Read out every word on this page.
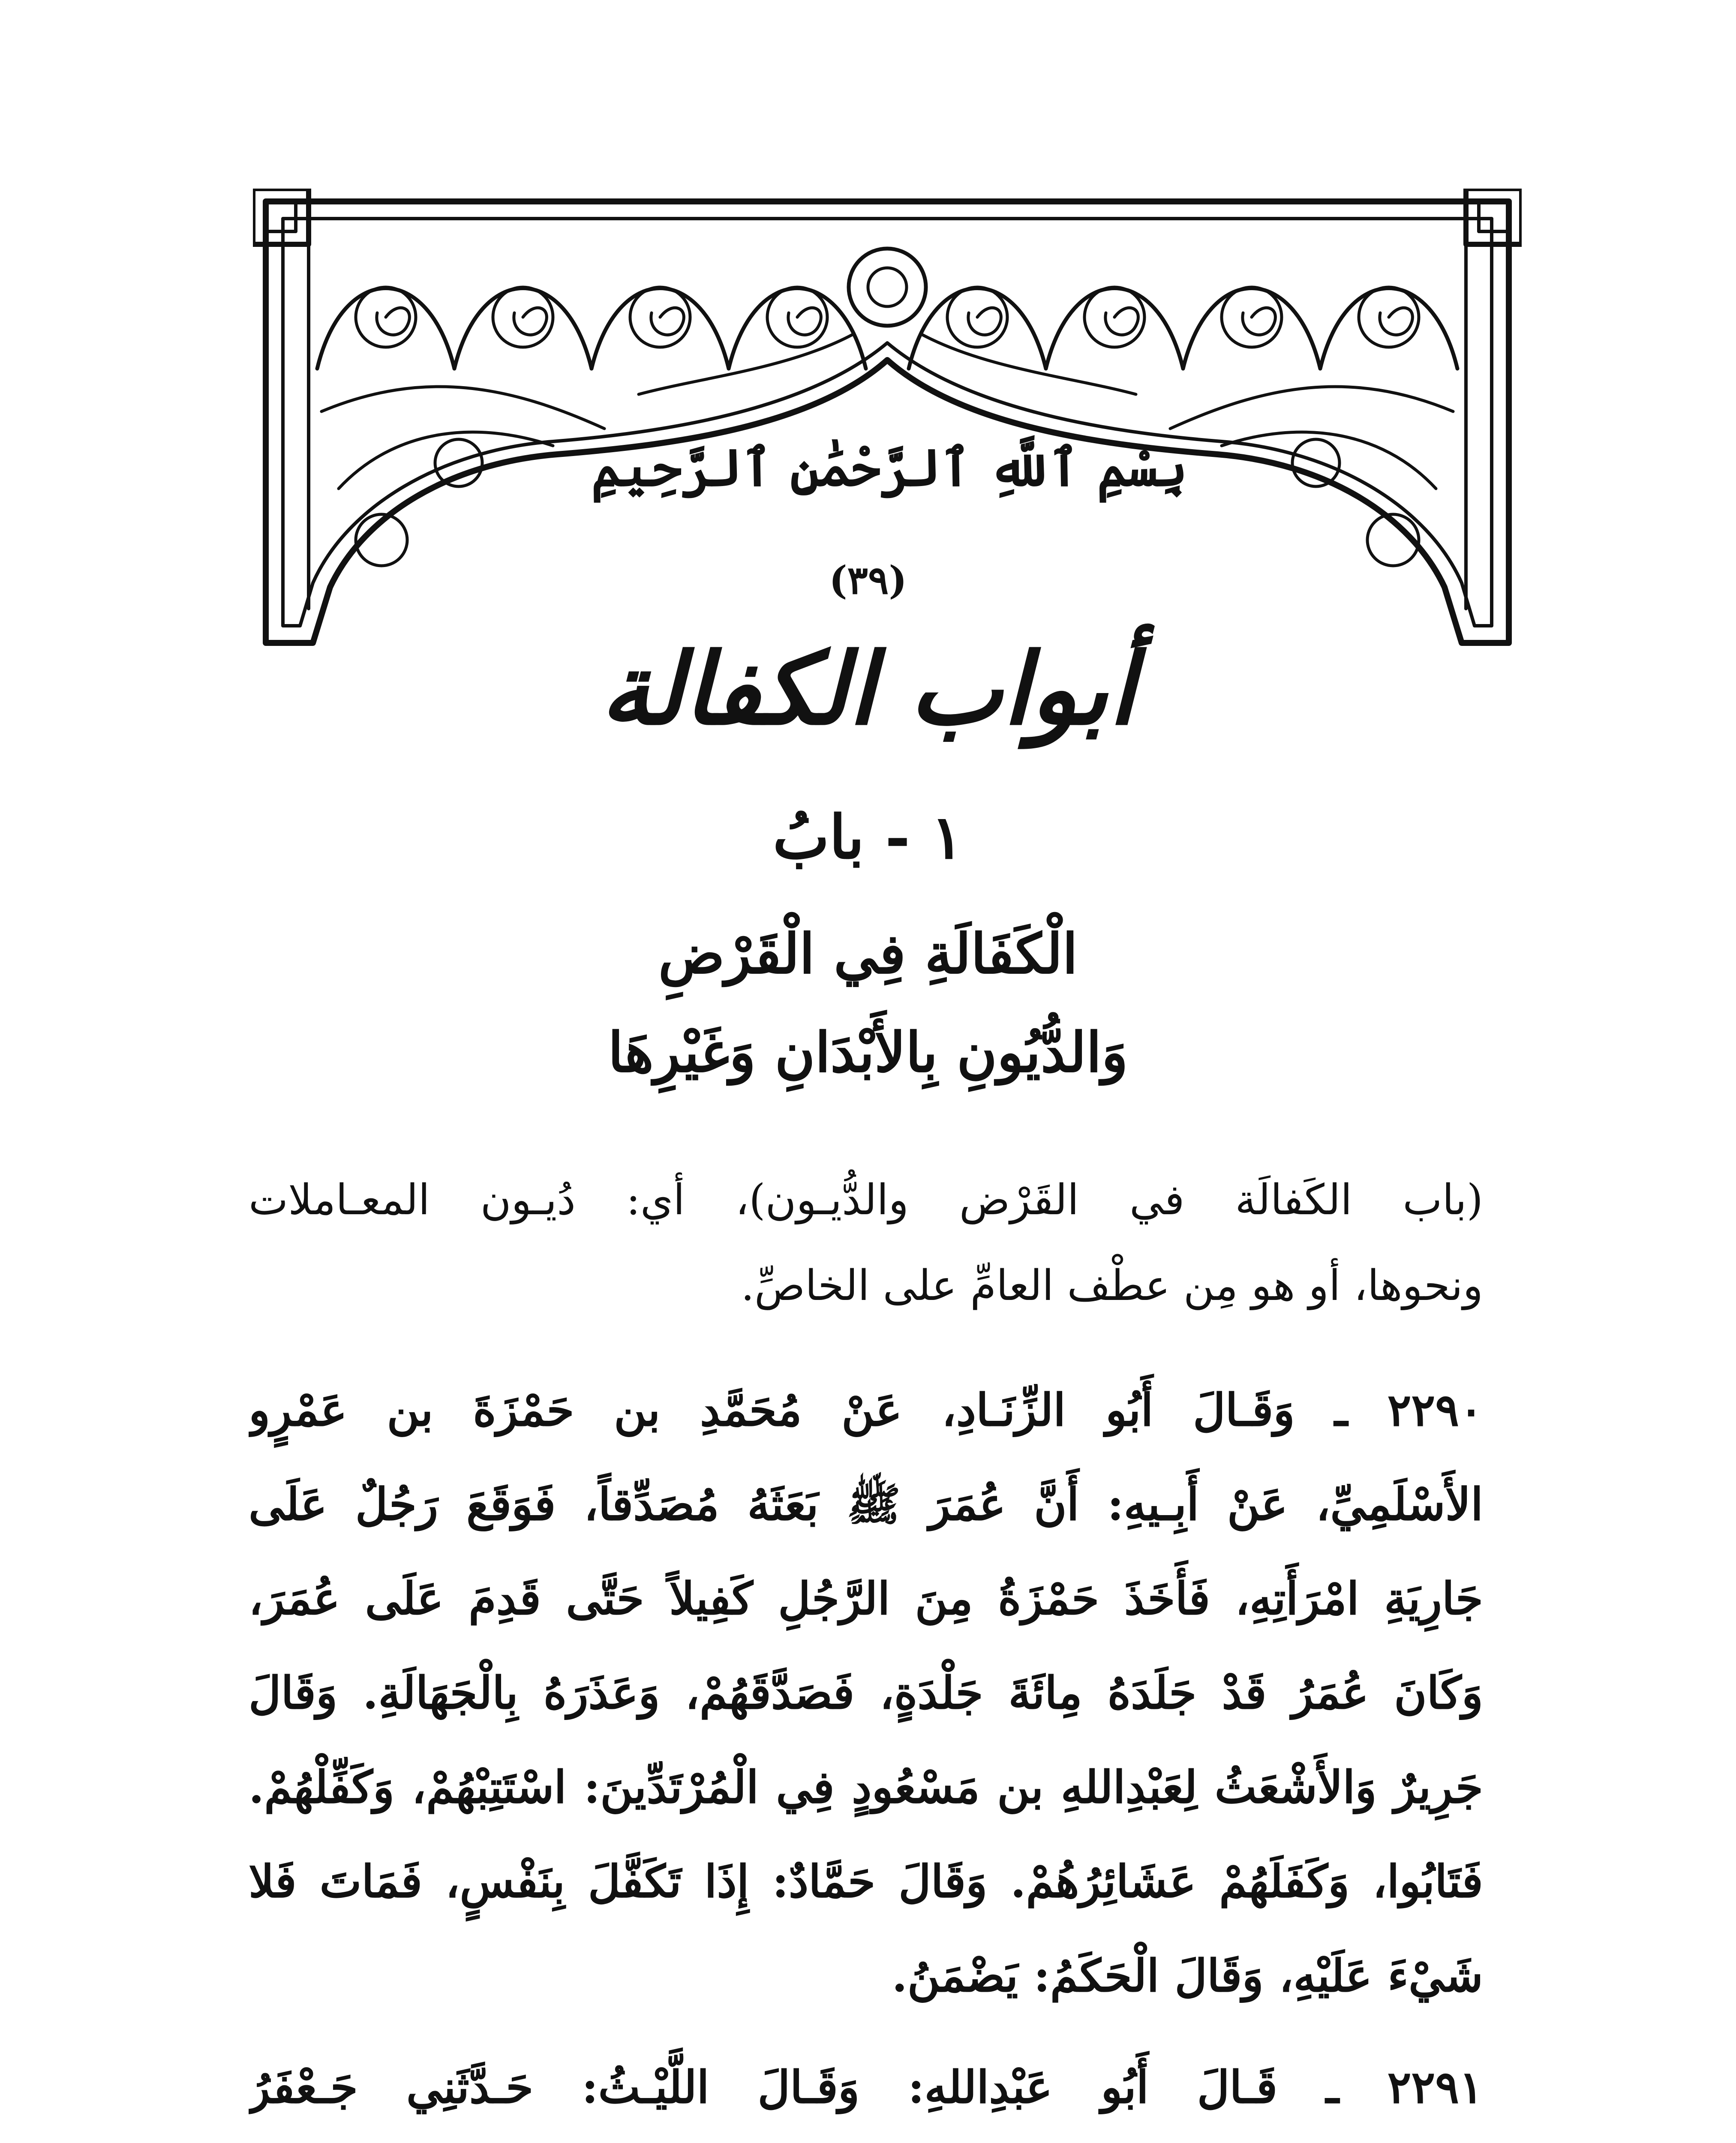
بِسْمِ ٱللَّهِ ٱلرَّحْمَٰنِ ٱلرَّحِيمِ
(٣٩)
أبواب الكفالة
١ - بابُ
الْكَفَالَةِ فِي الْقَرْضِ
وَالدُّيُونِ بِالأَبْدَانِ وَغَيْرِهَا
(باب الكَفالَة في القَرْض والدُّيـون)، أي: دُيـون المعـاملات
ونحوها، أو هو مِن عطْف العامِّ على الخاصِّ.
٢٢٩٠ ـ وَقَـالَ أَبُو الزِّنَـادِ، عَنْ مُحَمَّدِ بن حَمْزَةَ بن عَمْرٍو
الأَسْلَمِيِّ، عَنْ أَبِـيهِ: أَنَّ عُمَرَ ﷺ بَعَثَهُ مُصَدِّقاً، فَوَقَعَ رَجُلٌ عَلَى
جَارِيَةِ امْرَأَتِهِ، فَأَخَذَ حَمْزَةُ مِنَ الرَّجُلِ كَفِيلاً حَتَّى قَدِمَ عَلَى عُمَرَ،
وَكَانَ عُمَرُ قَدْ جَلَدَهُ مِائَةَ جَلْدَةٍ، فَصَدَّقَهُمْ، وَعَذَرَهُ بِالْجَهَالَةِ. وَقَالَ
جَرِيرٌ وَالأَشْعَثُ لِعَبْدِاللهِ بن مَسْعُودٍ فِي الْمُرْتَدِّينَ: اسْتَتِبْهُمْ، وَكَفِّلْهُمْ.
فَتَابُوا، وَكَفَلَهُمْ عَشَائِرُهُمْ. وَقَالَ حَمَّادٌ: إِذَا تَكَفَّلَ بِنَفْسٍ، فَمَاتَ فَلا
شَيْءَ عَلَيْهِ، وَقَالَ الْحَكَمُ: يَضْمَنُ.
٢٢٩١ ـ قَـالَ أَبُو عَبْدِاللهِ: وَقَـالَ اللَّيْـثُ: حَـدَّثَنِي جَـعْفَرُ
